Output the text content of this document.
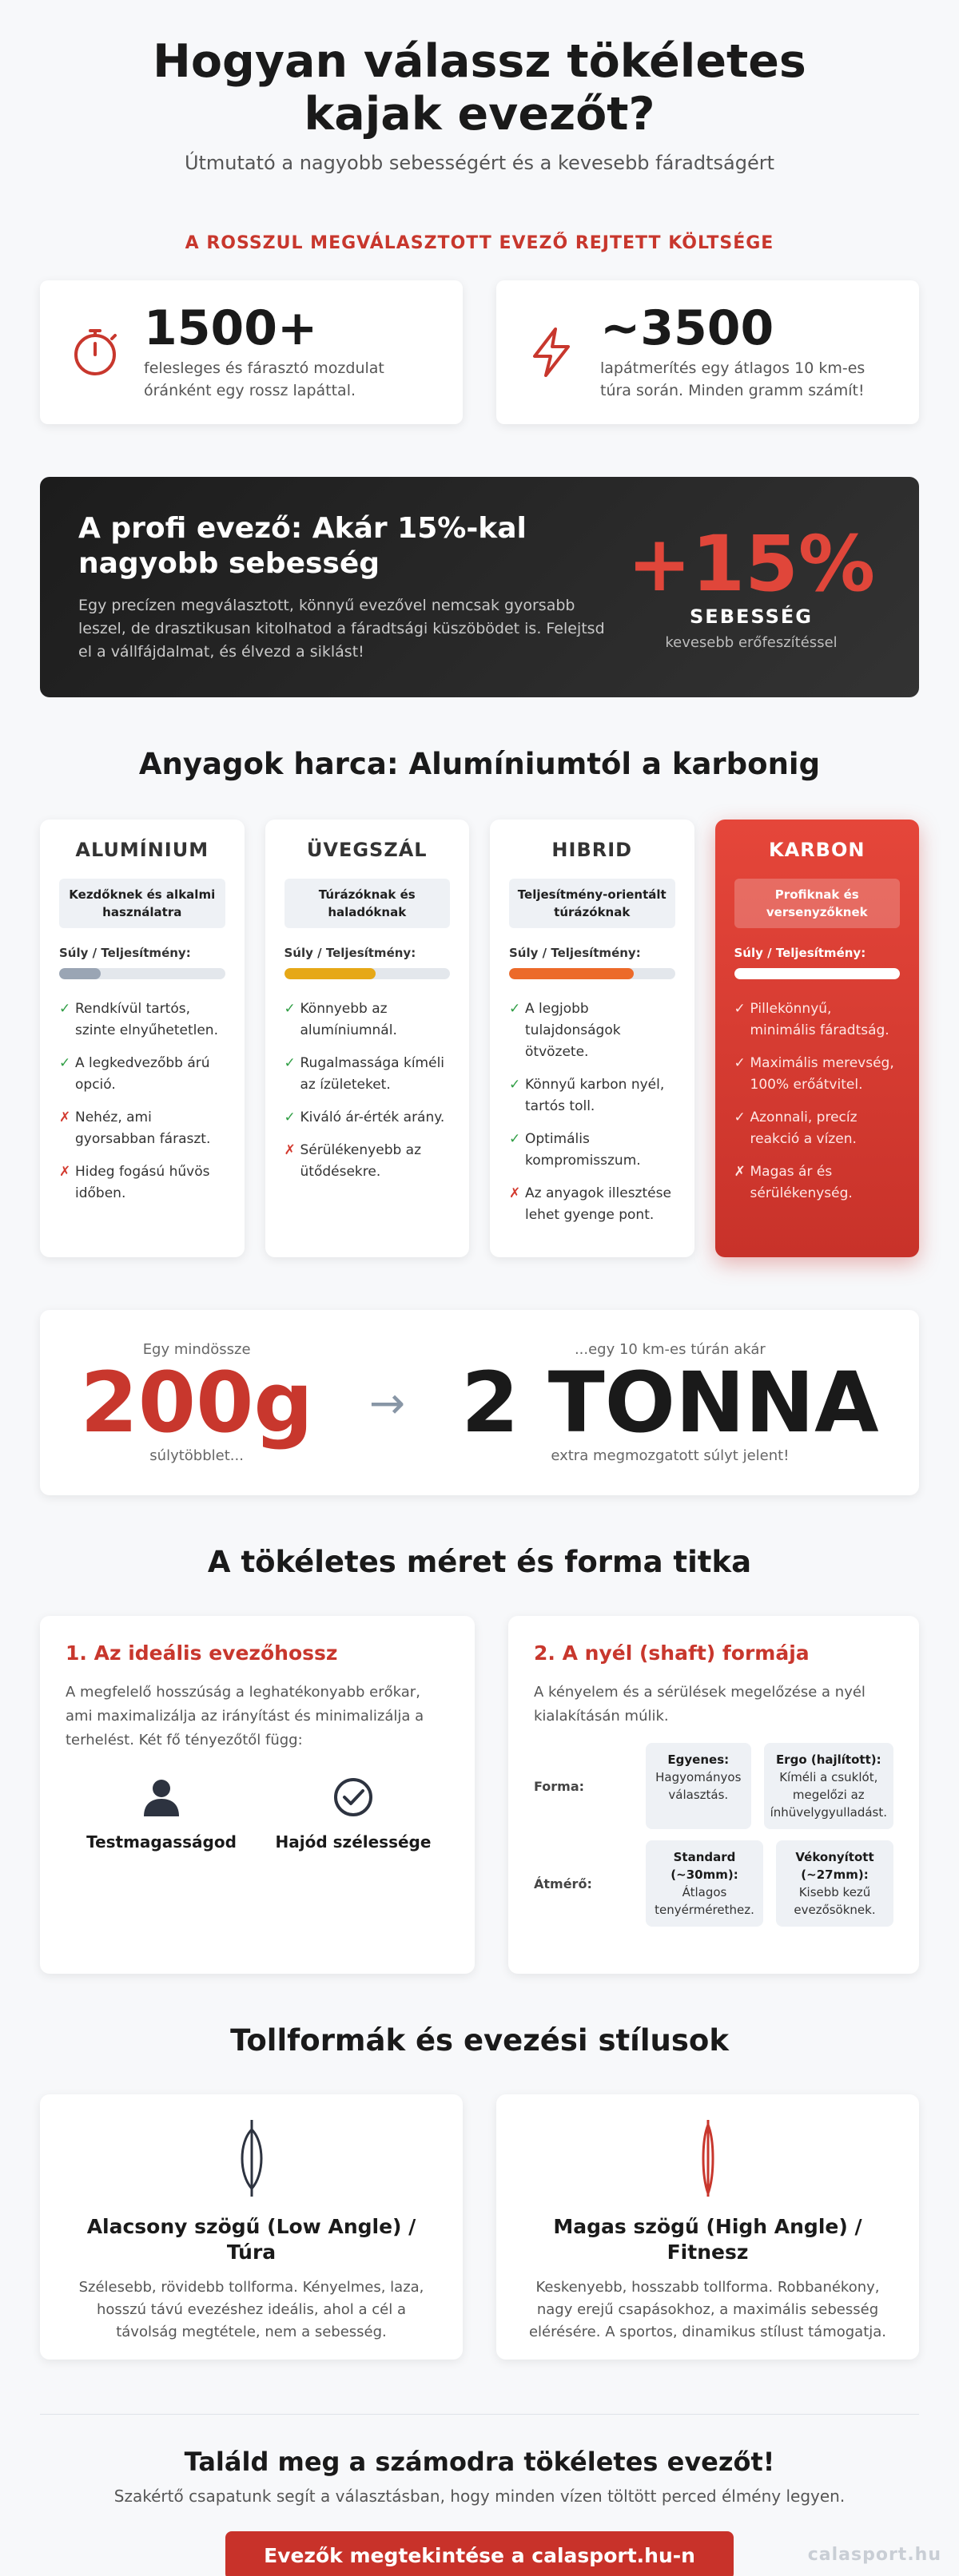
Hogyan válassz tökéletes kajak evezőt?
Útmutató a nagyobb sebességért és a kevesebb fáradtságért
A ROSSZUL MEGVÁLASZTOTT EVEZŐ REJTETT KÖLTSÉGE
1500+
felesleges és fárasztó mozdulat óránként egy rossz lapáttal.
~3500
lapátmerítés egy átlagos 10 km-es túra során. Minden gramm számít!
A profi evező: Akár 15%-kal nagyobb sebesség

Egy precízen megválasztott, könnyű evezővel nemcsak gyorsabb leszel, de drasztikusan kitolhatod a fáradtsági küszöbödet is. Felejtsd el a vállfájdalmat, és élvezd a siklást!

+15%
SEBESSÉG
kevesebb erőfeszítéssel
Anyagok harca: Alumíniumtól a karbonig
ALUMÍNIUM
Kezdőknek és alkalmi használatra
Súly / Teljesítmény:
✓ Rendkívül tartós, szinte elnyűhetetlen.
✓ A legkedvezőbb árú opció.
✗ Nehéz, ami gyorsabban fáraszt.
✗ Hideg fogású hűvös időben.
ÜVEGSZÁL
Túrázóknak és haladóknak
Súly / Teljesítmény:
✓ Könnyebb az alumíniumnál.
✓ Rugalmassága kíméli az ízületeket.
✓ Kiváló ár-érték arány.
✗ Sérülékenyebb az ütődésekre.
HIBRID
Teljesítmény-orientált túrázóknak
Súly / Teljesítmény:
✓ A legjobb tulajdonságok ötvözete.
✓ Könnyű karbon nyél, tartós toll.
✓ Optimális kompromisszum.
✗ Az anyagok illesztése lehet gyenge pont.
KARBON
Profiknak és versenyzőknek
Súly / Teljesítmény:
✓ Pillekönnyű, minimális fáradtság.
✓ Maximális merevség, 100% erőátvitel.
✓ Azonnali, precíz reakció a vízen.
✗ Magas ár és sérülékenység.
Egy mindössze
200g
súlytöbblet...
→
...egy 10 km-es túrán akár
2 TONNA
extra megmozgatott súlyt jelent!
A tökéletes méret és forma titka
1. Az ideális evezőhossz

A megfelelő hosszúság a leghatékonyabb erőkar, ami maximalizálja az irányítást és minimalizálja a terhelést. Két fő tényezőtől függ:

Testmagasságod	Hajód szélessége
2. A nyél (shaft) formája

A kényelem és a sérülések megelőzése a nyél kialakításán múlik.

Forma:
Egyenes:
Hagyományos választás.
Ergo (hajlított):
Kíméli a csuklót, megelőzi az ínhüvelygyulladást.
Átmérő:
Standard (~30mm):
Átlagos tenyérmérethez.
Vékonyított (~27mm):
Kisebb kezű evezősöknek.
Tollformák és evezési stílusok
Alacsony szögű (Low Angle) / Túra

Szélesebb, rövidebb tollforma. Kényelmes, laza, hosszú távú evezéshez ideális, ahol a cél a távolság megtétele, nem a sebesség.

Magas szögű (High Angle) / Fitnesz

Keskenyebb, hosszabb tollforma. Robbanékony, nagy erejű csapásokhoz, a maximális sebesség elérésére. A sportos, dinamikus stílust támogatja.

Találd meg a számodra tökéletes evezőt!

Szakértő csapatunk segít a választásban, hogy minden vízen töltött perced élmény legyen.

Evezők megtekintése a calasport.hu-n	calasport.hu
